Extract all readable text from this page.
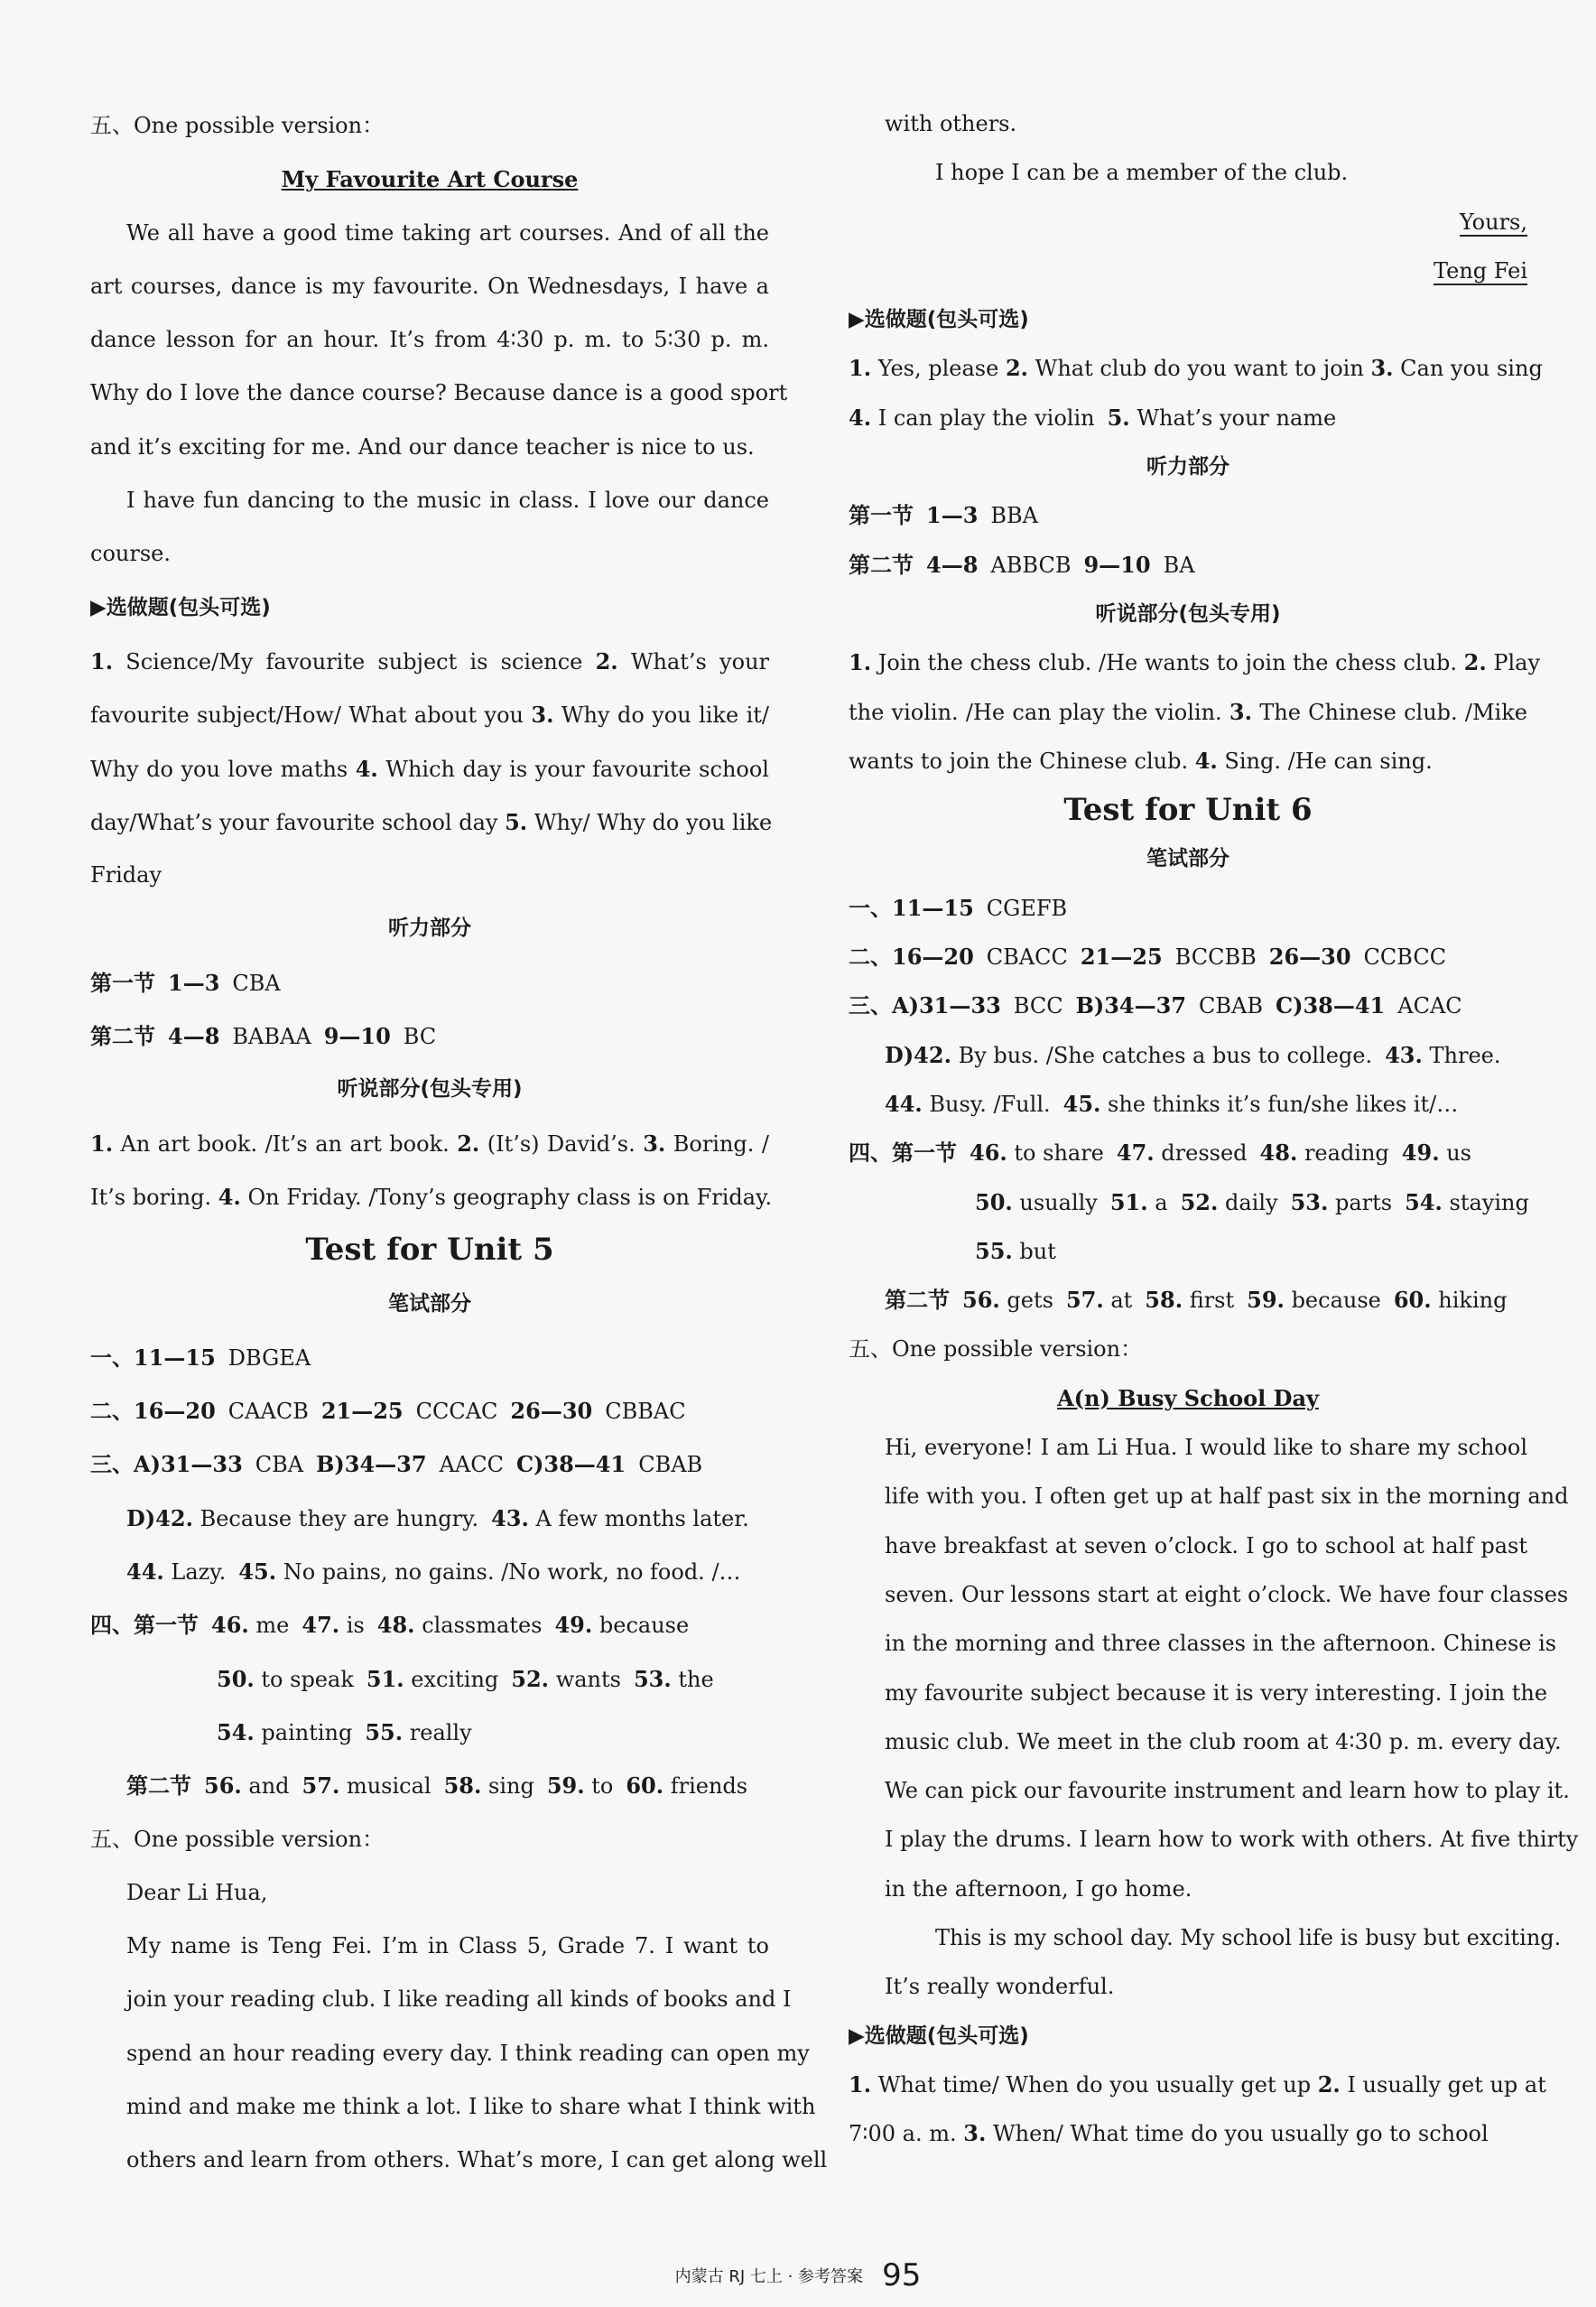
五、One possible version：
My Favourite Art Course
We all have a good time taking art courses. And of all the
art courses, dance is my favourite. On Wednesdays, I have a
dance lesson for an hour. It’s from 4∶30 p. m. to 5∶30 p. m.
Why do I love the dance course? Because dance is a good sport
and it’s exciting for me. And our dance teacher is nice to us.
I have fun dancing to the music in class. I love our dance
course.
▶选做题(包头可选)
1. Science/My favourite subject is science 2. What’s your
favourite subject/How/ What about you 3. Why do you like it/
Why do you love maths 4. Which day is your favourite school
day/What’s your favourite school day 5. Why/ Why do you like
Friday
听力部分
第一节 1—3 CBA
第二节 4—8 BABAA 9—10 BC
听说部分(包头专用)
1. An art book. /It’s an art book. 2. (It’s) David’s. 3. Boring. /
It’s boring. 4. On Friday. /Tony’s geography class is on Friday.
Test for Unit 5
笔试部分
一、11—15 DBGEA
二、16—20 CAACB 21—25 CCCAC 26—30 CBBAC
三、A)31—33 CBA B)34—37 AACC C)38—41 CBAB
D)42. Because they are hungry. 43. A few months later.
44. Lazy. 45. No pains, no gains. /No work, no food. /…
四、第一节 46. me 47. is 48. classmates 49. because
50. to speak 51. exciting 52. wants 53. the
54. painting 55. really
第二节 56. and 57. musical 58. sing 59. to 60. friends
五、One possible version：
Dear Li Hua,
My name is Teng Fei. I’m in Class 5, Grade 7. I want to
join your reading club. I like reading all kinds of books and I
spend an hour reading every day. I think reading can open my
mind and make me think a lot. I like to share what I think with
others and learn from others. What’s more, I can get along well
with others.
I hope I can be a member of the club.
Yours,
Teng Fei
▶选做题(包头可选)
1. Yes, please 2. What club do you want to join 3. Can you sing
4. I can play the violin 5. What’s your name
听力部分
第一节 1—3 BBA
第二节 4—8 ABBCB 9—10 BA
听说部分(包头专用)
1. Join the chess club. /He wants to join the chess club. 2. Play
the violin. /He can play the violin. 3. The Chinese club. /Mike
wants to join the Chinese club. 4. Sing. /He can sing.
Test for Unit 6
笔试部分
一、11—15 CGEFB
二、16—20 CBACC 21—25 BCCBB 26—30 CCBCC
三、A)31—33 BCC B)34—37 CBAB C)38—41 ACAC
D)42. By bus. /She catches a bus to college. 43. Three.
44. Busy. /Full. 45. she thinks it’s fun/she likes it/…
四、第一节 46. to share 47. dressed 48. reading 49. us
50. usually 51. a 52. daily 53. parts 54. staying
55. but
第二节 56. gets 57. at 58. first 59. because 60. hiking
五、One possible version：
A(n) Busy School Day
Hi, everyone! I am Li Hua. I would like to share my school
life with you. I often get up at half past six in the morning and
have breakfast at seven o’clock. I go to school at half past
seven. Our lessons start at eight o’clock. We have four classes
in the morning and three classes in the afternoon. Chinese is
my favourite subject because it is very interesting. I join the
music club. We meet in the club room at 4∶30 p. m. every day.
We can pick our favourite instrument and learn how to play it.
I play the drums. I learn how to work with others. At five thirty
in the afternoon, I go home.
This is my school day. My school life is busy but exciting.
It’s really wonderful.
▶选做题(包头可选)
1. What time/ When do you usually get up 2. I usually get up at
7∶00 a. m. 3. When/ What time do you usually go to school
内蒙古 RJ 七上 · 参考答案 95
